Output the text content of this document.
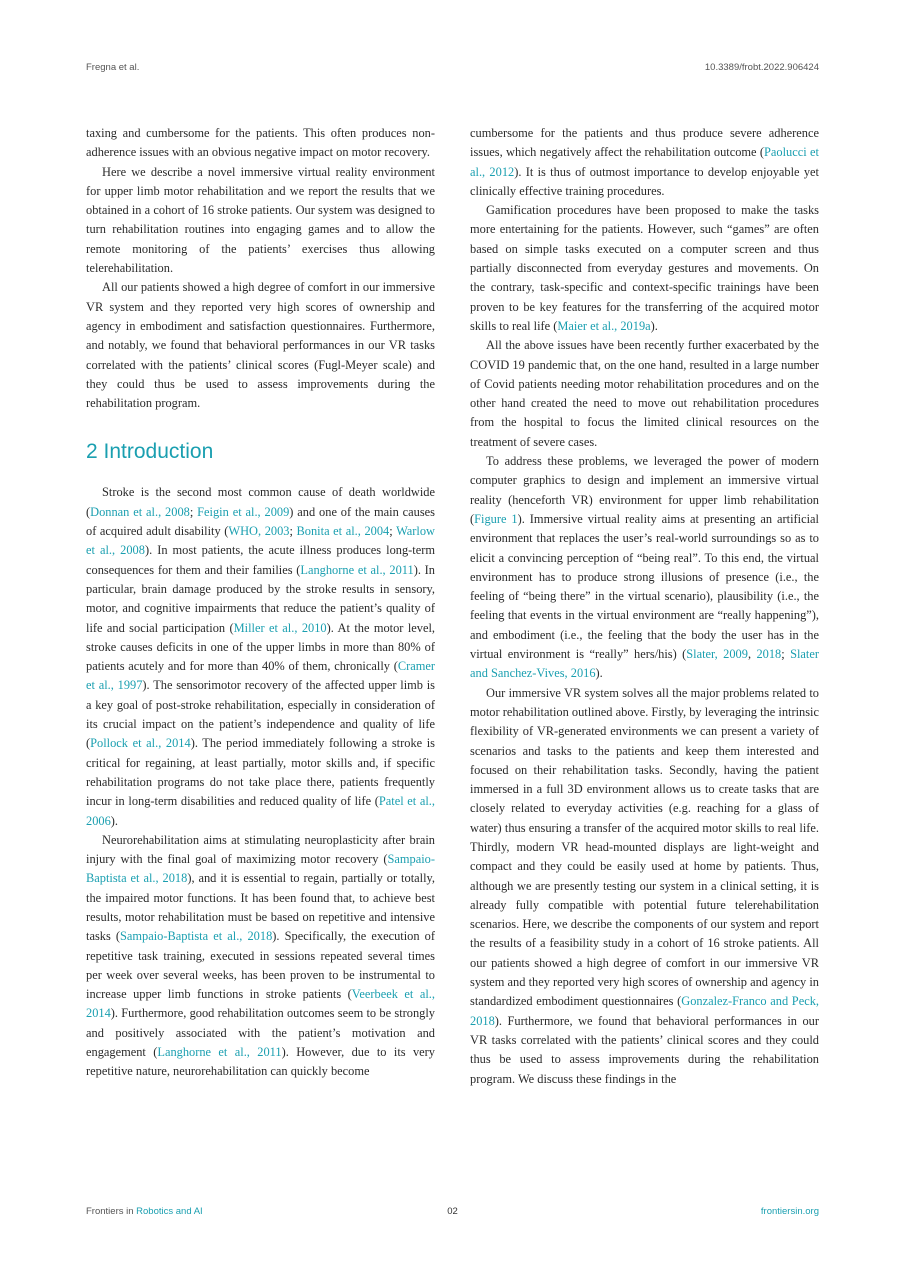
Fregna et al.	10.3389/frobt.2022.906424

taxing and cumbersome for the patients. This often produces non-adherence issues with an obvious negative impact on motor recovery.

Here we describe a novel immersive virtual reality environment for upper limb motor rehabilitation and we report the results that we obtained in a cohort of 16 stroke patients. Our system was designed to turn rehabilitation routines into engaging games and to allow the remote monitoring of the patients’ exercises thus allowing telerehabilitation.

All our patients showed a high degree of comfort in our immersive VR system and they reported very high scores of ownership and agency in embodiment and satisfaction questionnaires. Furthermore, and notably, we found that behavioral performances in our VR tasks correlated with the patients’ clinical scores (Fugl-Meyer scale) and they could thus be used to assess improvements during the rehabilitation program.

2 Introduction

Stroke is the second most common cause of death worldwide (Donnan et al., 2008; Feigin et al., 2009) and one of the main causes of acquired adult disability (WHO, 2003; Bonita et al., 2004; Warlow et al., 2008). In most patients, the acute illness produces long-term consequences for them and their families (Langhorne et al., 2011). In particular, brain damage produced by the stroke results in sensory, motor, and cognitive impairments that reduce the patient’s quality of life and social participation (Miller et al., 2010). At the motor level, stroke causes deficits in one of the upper limbs in more than 80% of patients acutely and for more than 40% of them, chronically (Cramer et al., 1997). The sensorimotor recovery of the affected upper limb is a key goal of post-stroke rehabilitation, especially in consideration of its crucial impact on the patient’s independence and quality of life (Pollock et al., 2014). The period immediately following a stroke is critical for regaining, at least partially, motor skills and, if specific rehabilitation programs do not take place there, patients frequently incur in long-term disabilities and reduced quality of life (Patel et al., 2006).

Neurorehabilitation aims at stimulating neuroplasticity after brain injury with the final goal of maximizing motor recovery (Sampaio-Baptista et al., 2018), and it is essential to regain, partially or totally, the impaired motor functions. It has been found that, to achieve best results, motor rehabilitation must be based on repetitive and intensive tasks (Sampaio-Baptista et al., 2018). Specifically, the execution of repetitive task training, executed in sessions repeated several times per week over several weeks, has been proven to be instrumental to increase upper limb functions in stroke patients (Veerbeek et al., 2014). Furthermore, good rehabilitation outcomes seem to be strongly and positively associated with the patient’s motivation and engagement (Langhorne et al., 2011). However, due to its very repetitive nature, neurorehabilitation can quickly become

cumbersome for the patients and thus produce severe adherence issues, which negatively affect the rehabilitation outcome (Paolucci et al., 2012). It is thus of outmost importance to develop enjoyable yet clinically effective training procedures.

Gamification procedures have been proposed to make the tasks more entertaining for the patients. However, such “games” are often based on simple tasks executed on a computer screen and thus partially disconnected from everyday gestures and movements. On the contrary, task-specific and context-specific trainings have been proven to be key features for the transferring of the acquired motor skills to real life (Maier et al., 2019a).

All the above issues have been recently further exacerbated by the COVID 19 pandemic that, on the one hand, resulted in a large number of Covid patients needing motor rehabilitation procedures and on the other hand created the need to move out rehabilitation procedures from the hospital to focus the limited clinical resources on the treatment of severe cases.

To address these problems, we leveraged the power of modern computer graphics to design and implement an immersive virtual reality (henceforth VR) environment for upper limb rehabilitation (Figure 1). Immersive virtual reality aims at presenting an artificial environment that replaces the user’s real-world surroundings so as to elicit a convincing perception of “being real”. To this end, the virtual environment has to produce strong illusions of presence (i.e., the feeling of “being there” in the virtual scenario), plausibility (i.e., the feeling that events in the virtual environment are “really happening”), and embodiment (i.e., the feeling that the body the user has in the virtual environment is “really” hers/his) (Slater, 2009, 2018; Slater and Sanchez-Vives, 2016).

Our immersive VR system solves all the major problems related to motor rehabilitation outlined above. Firstly, by leveraging the intrinsic flexibility of VR-generated environments we can present a variety of scenarios and tasks to the patients and keep them interested and focused on their rehabilitation tasks. Secondly, having the patient immersed in a full 3D environment allows us to create tasks that are closely related to everyday activities (e.g. reaching for a glass of water) thus ensuring a transfer of the acquired motor skills to real life. Thirdly, modern VR head-mounted displays are light-weight and compact and they could be easily used at home by patients. Thus, although we are presently testing our system in a clinical setting, it is already fully compatible with potential future telerehabilitation scenarios. Here, we describe the components of our system and report the results of a feasibility study in a cohort of 16 stroke patients. All our patients showed a high degree of comfort in our immersive VR system and they reported very high scores of ownership and agency in standardized embodiment questionnaires (Gonzalez-Franco and Peck, 2018). Furthermore, we found that behavioral performances in our VR tasks correlated with the patients’ clinical scores and they could thus be used to assess improvements during the rehabilitation program. We discuss these findings in the

Frontiers in Robotics and AI	02	frontiersin.org
